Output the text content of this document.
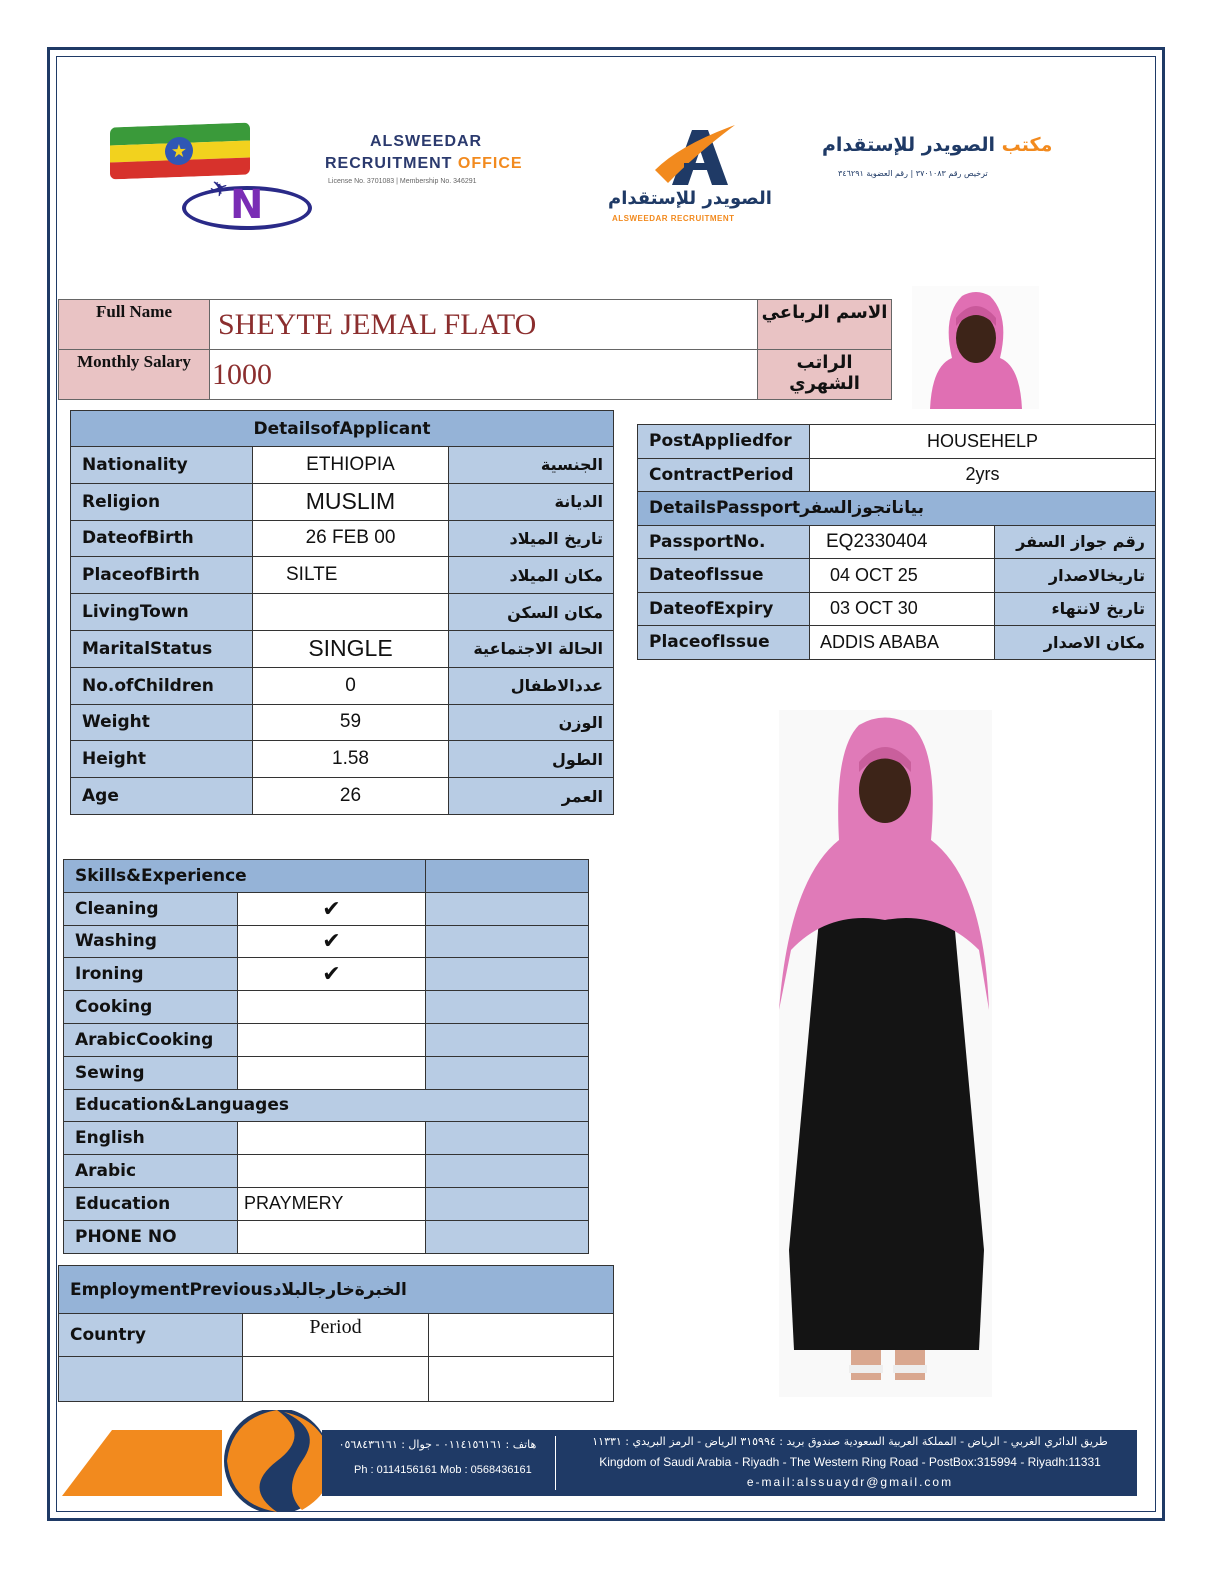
★
N
✈
ALSWEEDAR
RECRUITMENT OFFICE
License No. 3701083 | Membership No. 346291
الصويدر للإستقدام
ALSWEEDAR RECRUITMENT
مكتب الصويدر للإستقدام
ترخيص رقم ٣٧٠١٠٨٣ | رقم العضوية ٣٤٦٢٩١
Full Name	SHEYTE JEMAL FLATO	الاسم الرباعي
Monthly Salary	1000	الراتب الشهري
DetailsofApplicant		
Nationality	ETHIOPIA	الجنسية
Religion	MUSLIM	الديانة
DateofBirth	26 FEB 00	تاريخ الميلاد
PlaceofBirth	SILTE	مكان الميلاد
LivingTown		مكان السكن
MaritalStatus	SINGLE	الحالة الاجتماعية
No.ofChildren	0	عددالاطفال
Weight	59	الوزن
Height	1.58	الطول
Age	26	العمر
PostAppliedfor	HOUSEHELP	
ContractPeriod	2yrs	
DetailsPassportبياناتجوزالسفر		
PassportNo.	EQ2330404	رقم جواز السفر
DateofIssue	04 OCT 25	تاريخالاصدار
DateofExpiry	03 OCT 30	تاريخ لانتهاء
PlaceofIssue	ADDIS ABABA	مكان الاصدار
Skills&Experience		
Cleaning	✔	
Washing	✔	
Ironing	✔	
Cooking		
ArabicCooking		
Sewing		
Education&Languages		
English		
Arabic		
Education	PRAYMERY	
PHONE NO		
EmploymentPreviousالخبرةخارجالبلاد		
Country	Period	

هاتف : ٠١١٤١٥٦١٦١ - جوال : ٠٥٦٨٤٣٦١٦١
Ph : 0114156161 Mob : 0568436161
طريق الدائري الغربي - الرياض - المملكة العربية السعودية صندوق بريد : ٣١٥٩٩٤ الرياض - الرمز البريدي : ١١٣٣١
Kingdom of Saudi Arabia - Riyadh - The Western Ring Road - PostBox:315994 - Riyadh:11331
e-mail:alssuaydr@gmail.com
